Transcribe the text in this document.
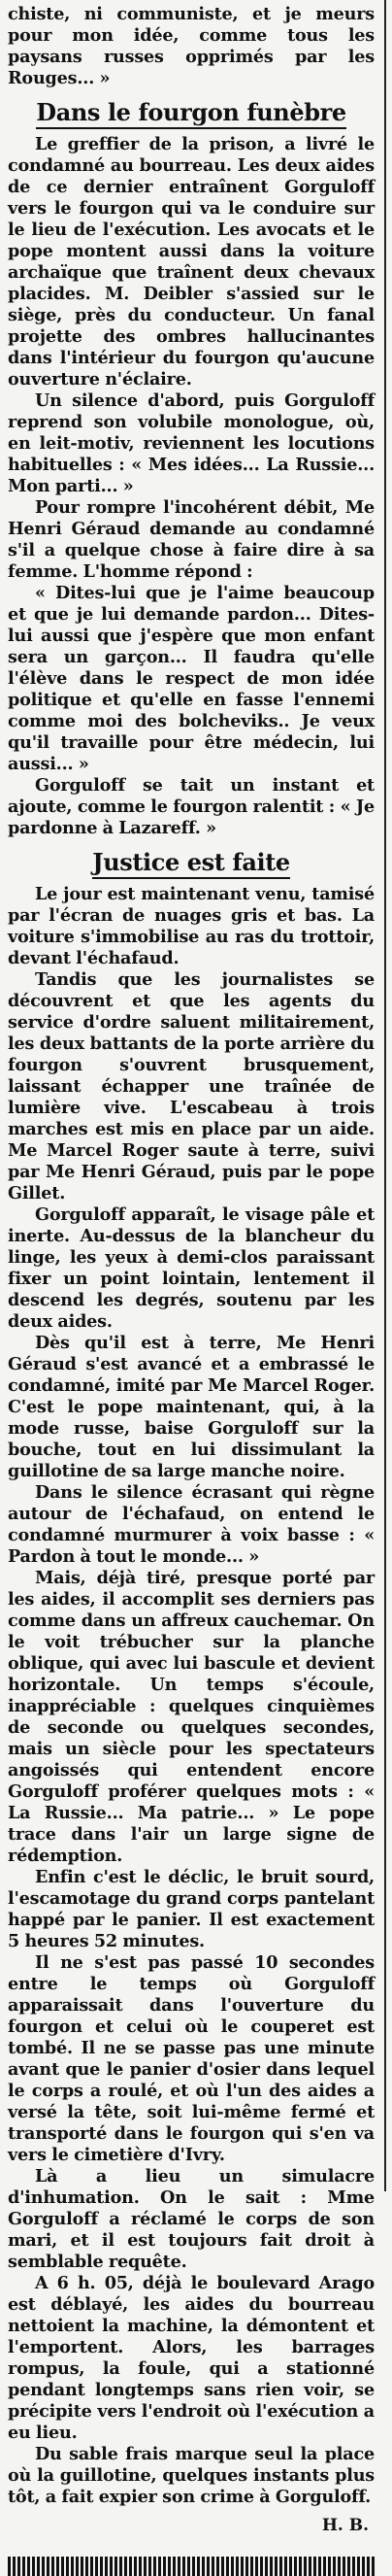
chiste, ni communiste, et je meurs pour mon idée, comme tous les paysans russes opprimés par les Rouges... »

Dans le fourgon funèbre

Le greffier de la prison, a livré le condamné au bourreau. Les deux aides de ce dernier entraînent Gorguloff vers le fourgon qui va le conduire sur le lieu de l'exécution. Les avocats et le pope montent aussi dans la voiture archaïque que traînent deux chevaux placides. M. Deibler s'assied sur le siège, près du conducteur. Un fanal projette des ombres hallucinantes dans l'intérieur du fourgon qu'aucune ouverture n'éclaire.

Un silence d'abord, puis Gorguloff reprend son volubile monologue, où, en leit-motiv, reviennent les locutions habituelles : « Mes idées... La Russie... Mon parti... »

Pour rompre l'incohérent débit, Me Henri Géraud demande au condamné s'il a quelque chose à faire dire à sa femme. L'homme répond :

« Dites-lui que je l'aime beaucoup et que je lui demande pardon... Dites-lui aussi que j'espère que mon enfant sera un garçon... Il faudra qu'elle l'élève dans le respect de mon idée politique et qu'elle en fasse l'ennemi comme moi des bolcheviks.. Je veux qu'il travaille pour être médecin, lui aussi... »

Gorguloff se tait un instant et ajoute, comme le fourgon ralentit : « Je pardonne à Lazareff. »

Justice est faite

Le jour est maintenant venu, tamisé par l'écran de nuages gris et bas. La voiture s'immobilise au ras du trottoir, devant l'échafaud.

Tandis que les journalistes se découvrent et que les agents du service d'ordre saluent militairement, les deux battants de la porte arrière du fourgon s'ouvrent brusquement, laissant échapper une traînée de lumière vive. L'escabeau à trois marches est mis en place par un aide. Me Marcel Roger saute à terre, suivi par Me Henri Géraud, puis par le pope Gillet.

Gorguloff apparaît, le visage pâle et inerte. Au-dessus de la blancheur du linge, les yeux à demi-clos paraissant fixer un point lointain, lentement il descend les degrés, soutenu par les deux aides.

Dès qu'il est à terre, Me Henri Géraud s'est avancé et a embrassé le condamné, imité par Me Marcel Roger. C'est le pope maintenant, qui, à la mode russe, baise Gorguloff sur la bouche, tout en lui dissimulant la guillotine de sa large manche noire.

Dans le silence écrasant qui règne autour de l'échafaud, on entend le condamné murmurer à voix basse : « Pardon à tout le monde... »

Mais, déjà tiré, presque porté par les aides, il accomplit ses derniers pas comme dans un affreux cauchemar. On le voit trébucher sur la planche oblique, qui avec lui bascule et devient horizontale. Un temps s'écoule, inappréciable : quelques cinquièmes de seconde ou quelques secondes, mais un siècle pour les spectateurs angoissés qui entendent encore Gorguloff proférer quelques mots : « La Russie... Ma patrie... » Le pope trace dans l'air un large signe de rédemption.

Enfin c'est le déclic, le bruit sourd, l'escamotage du grand corps pantelant happé par le panier. Il est exactement 5 heures 52 minutes.

Il ne s'est pas passé 10 secondes entre le temps où Gorguloff apparaissait dans l'ouverture du fourgon et celui où le couperet est tombé. Il ne se passe pas une minute avant que le panier d'osier dans lequel le corps a roulé, et où l'un des aides a versé la tête, soit lui-même fermé et transporté dans le fourgon qui s'en va vers le cimetière d'Ivry.

Là a lieu un simulacre d'inhumation. On le sait : Mme Gorguloff a réclamé le corps de son mari, et il est toujours fait droit à semblable requête.

A 6 h. 05, déjà le boulevard Arago est déblayé, les aides du bourreau nettoient la machine, la démontent et l'emportent. Alors, les barrages rompus, la foule, qui a stationné pendant longtemps sans rien voir, se précipite vers l'endroit où l'exécution a eu lieu.

Du sable frais marque seul la place où la guillotine, quelques instants plus tôt, a fait expier son crime à Gorguloff.

H. B.
